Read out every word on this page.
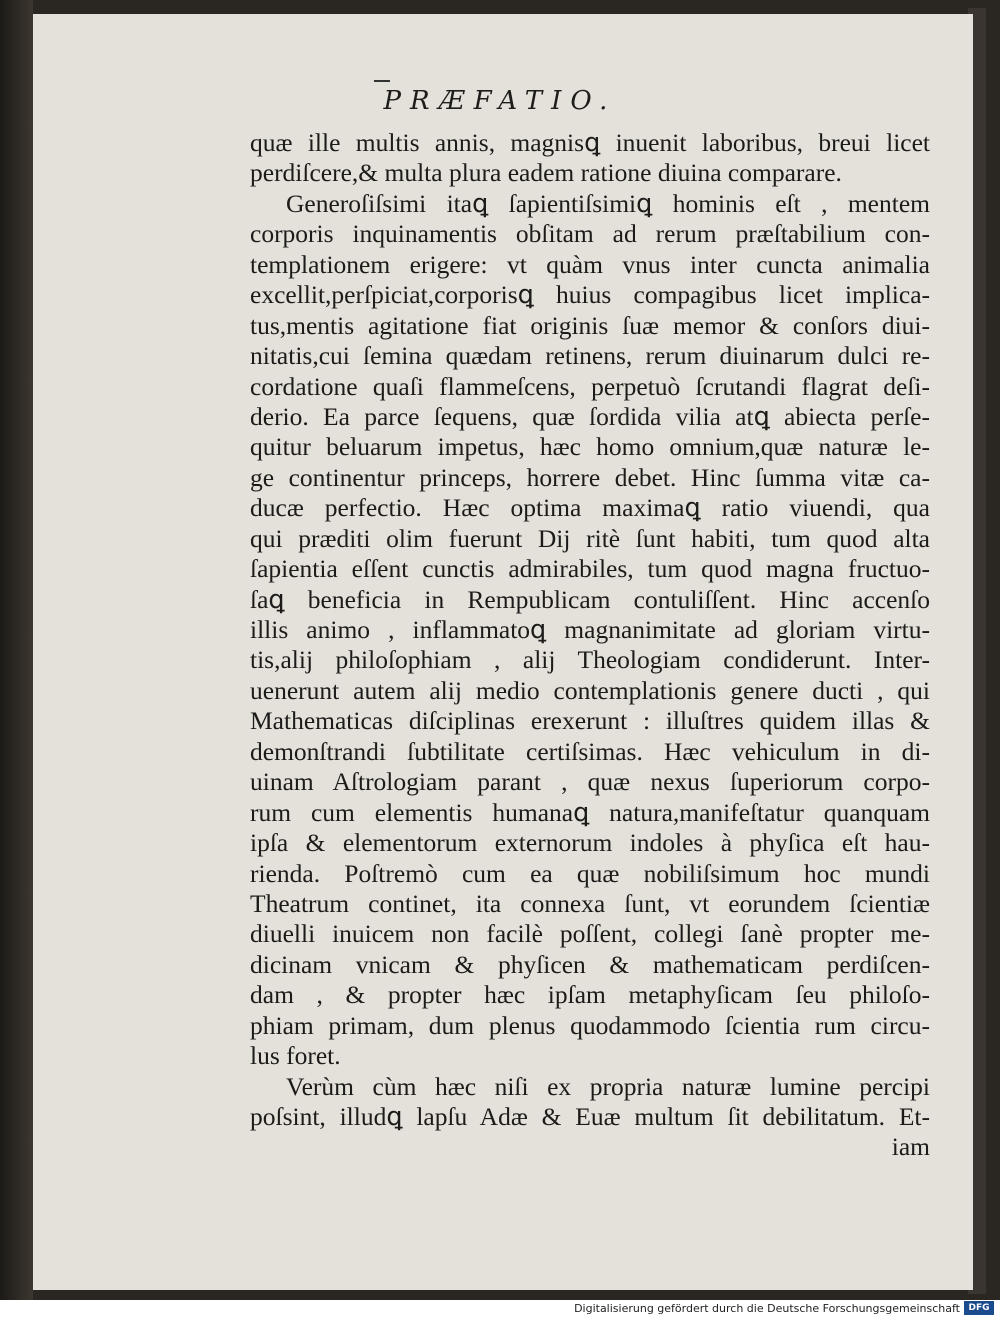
PRÆFATIO.
quæ ille multis annis, magnisꝗ inuenit laboribus, breui licet
perdiſcere,& multa plura eadem ratione diuina comparare.
Generoſiſsimi itaꝗ ſapientiſsimiꝗ hominis eſt , mentem
corporis inquinamentis obſitam ad rerum præſtabilium con-
templationem erigere: vt quàm vnus inter cuncta animalia
excellit,perſpiciat,corporisꝗ huius compagibus licet implica-
tus,mentis agitatione fiat originis ſuæ memor & conſors diui-
nitatis,cui ſemina quædam retinens, rerum diuinarum dulci re-
cordatione quaſi flammeſcens, perpetuò ſcrutandi flagrat deſi-
derio. Ea parce ſequens, quæ ſordida vilia atꝗ abiecta perſe-
quitur beluarum impetus, hæc homo omnium,quæ naturæ le-
ge continentur princeps, horrere debet. Hinc ſumma vitæ ca-
ducæ perfectio. Hæc optima maximaꝗ ratio viuendi, qua
qui præditi olim fuerunt Dij ritè ſunt habiti, tum quod alta
ſapientia eſſent cunctis admirabiles, tum quod magna fructuo-
ſaꝗ beneficia in Rempublicam contuliſſent. Hinc accenſo
illis animo , inflammatoꝗ magnanimitate ad gloriam virtu-
tis,alij philoſophiam , alij Theologiam condiderunt. Inter-
uenerunt autem alij medio contemplationis genere ducti , qui
Mathematicas diſciplinas erexerunt : illuſtres quidem illas &
demonſtrandi ſubtilitate certiſsimas. Hæc vehiculum in di-
uinam Aſtrologiam parant , quæ nexus ſuperiorum corpo-
rum cum elementis humanaꝗ natura,manifeſtatur quanquam
ipſa & elementorum externorum indoles à phyſica eſt hau-
rienda. Poſtremò cum ea quæ nobiliſsimum hoc mundi
Theatrum continet, ita connexa ſunt, vt eorundem ſcientiæ
diuelli inuicem non facilè poſſent, collegi ſanè propter me-
dicinam vnicam & phyſicen & mathematicam perdiſcen-
dam , & propter hæc ipſam metaphyſicam ſeu philoſo-
phiam primam, dum plenus quodammodo ſcientia rum circu-
lus foret.
Verùm cùm hæc niſi ex propria naturæ lumine percipi
poſsint, illudꝗ lapſu Adæ & Euæ multum ſit debilitatum. Et-
iam
Digitalisierung gefördert durch die Deutsche Forschungsgemeinschaft DFG
